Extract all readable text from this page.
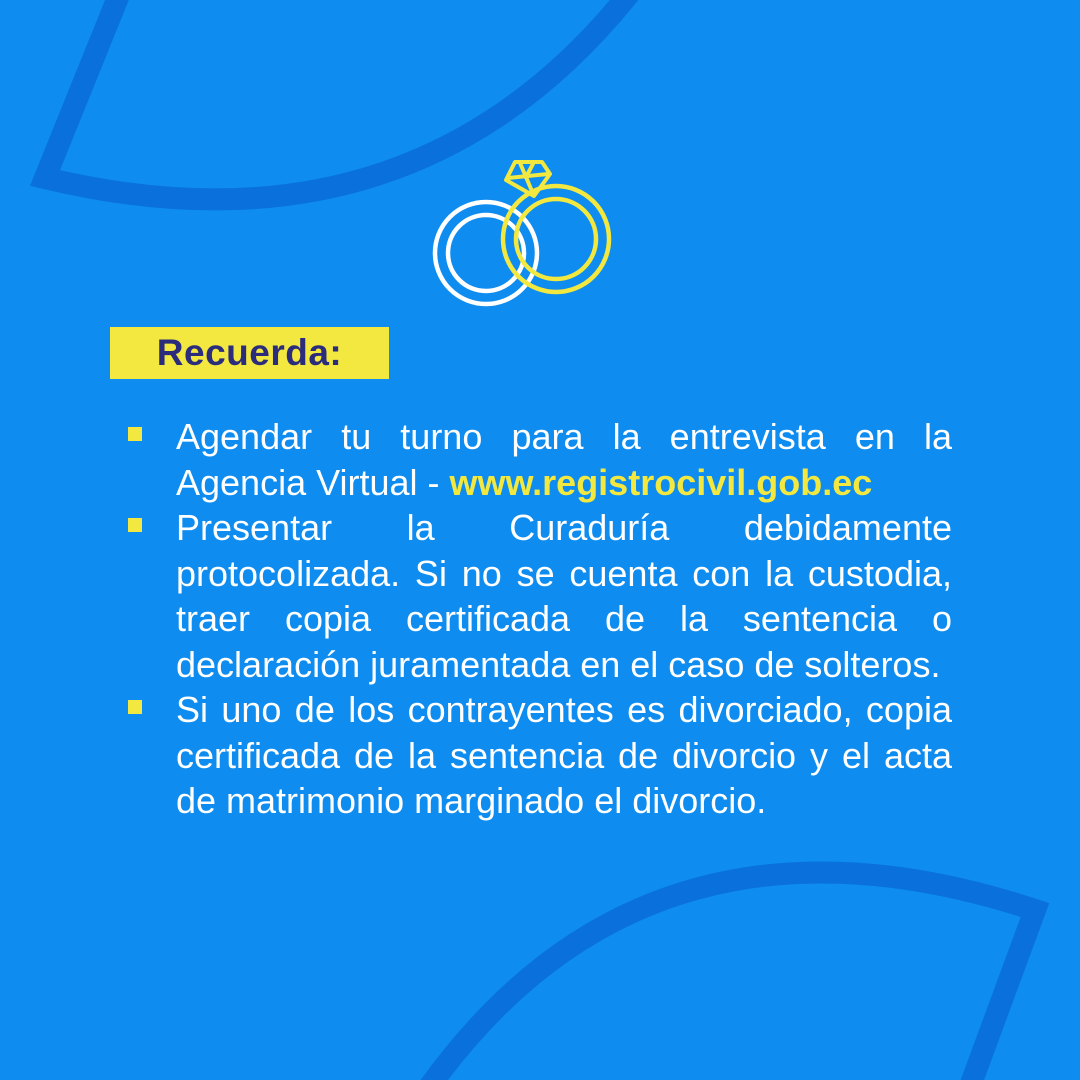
Recuerda:
Agendar tu turno para la entrevista en la Agencia Virtual - www.registrocivil.gob.ec
Presentar la Curaduría debidamente protocolizada. Si no se cuenta con la custodia, traer copia certificada de la sentencia o declaración juramentada en el caso de solteros.
Si uno de los contrayentes es divorciado, copia certificada de la sentencia de divorcio y el acta de matrimonio marginado el divorcio.
